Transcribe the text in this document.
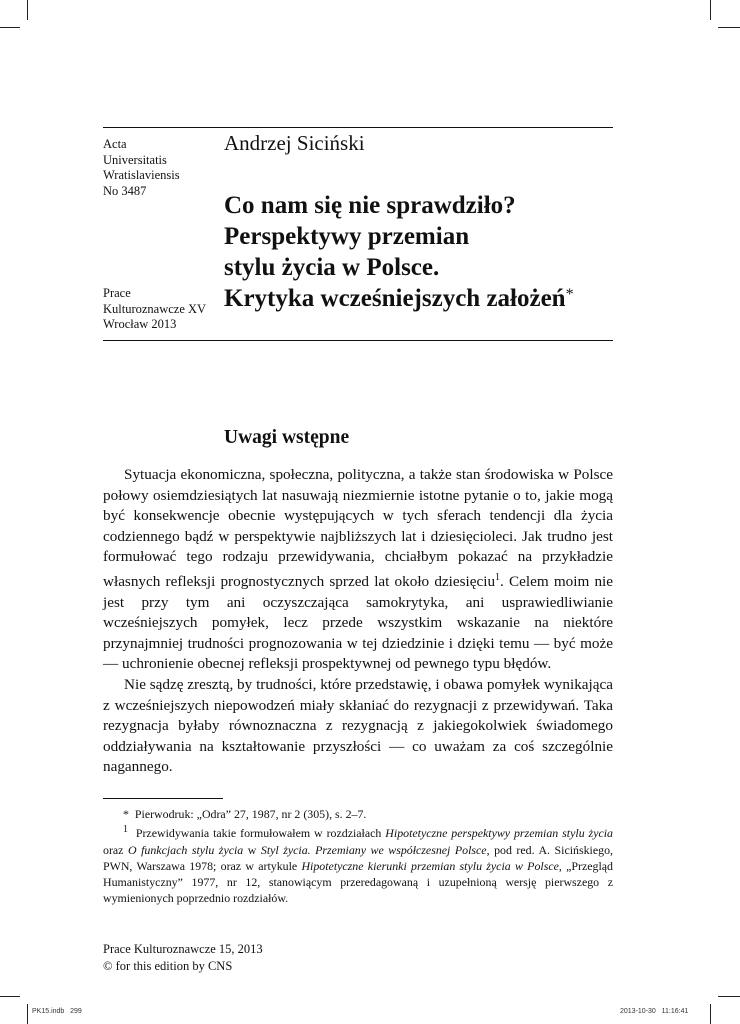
Acta
Universitatis
Wratislaviensis
No 3487
Prace
Kulturoznawcze XV
Wrocław 2013
Andrzej Siciński
Co nam się nie sprawdziło?
Perspektywy przemian
stylu życia w Polsce.
Krytyka wcześniejszych założeń*
Uwagi wstępne

Sytuacja ekonomiczna, społeczna, polityczna, a także stan środowiska w Polsce połowy osiemdziesiątych lat nasuwają niezmiernie istotne pytanie o to, jakie mogą być konsekwencje obecnie występujących w tych sferach tendencji dla życia codziennego bądź w perspektywie najbliższych lat i dziesięcioleci. Jak trudno jest formułować tego rodzaju przewidywania, chciałbym pokazać na przykładzie własnych refleksji prognostycznych sprzed lat około dziesięciu$^1$. Celem moim nie jest przy tym ani oczyszczająca samokrytyka, ani usprawiedliwianie wcześniejszych pomyłek, lecz przede wszystkim wskazanie na niektóre przynajmniej trudności prognozowania w tej dziedzinie i dzięki temu — być może — uchronienie obecnej refleksji prospektywnej od pewnego typu błędów.

Nie sądzę zresztą, by trudności, które przedstawię, i obawa pomyłek wynikająca z wcześniejszych niepowodzeń miały skłaniać do rezygnacji z przewidywań. Taka rezygnacja byłaby równoznaczna z rezygnacją z jakiegokolwiek świadomego oddziaływania na kształtowanie przyszłości — co uważam za coś szczególnie nagannego.

* Pierwodruk: „Odra” 27, 1987, nr 2 (305), s. 2–7.

$^1$ Przewidywania takie formułowałem w rozdziałach Hipotetyczne perspektywy przemian stylu życia oraz O funkcjach stylu życia w Styl życia. Przemiany we współczesnej Polsce, pod red. A. Sicińskiego, PWN, Warszawa 1978; oraz w artykule Hipotetyczne kierunki przemian stylu życia w Polsce, „Przegląd Humanistyczny” 1977, nr 12, stanowiącym przeredagowaną i uzupełnioną wersję pierwszego z wymienionych poprzednio rozdziałów.

Prace Kulturoznawcze 15, 2013
© for this edition by CNS
PK15.indb   299	2013-10-30   11:16:41
